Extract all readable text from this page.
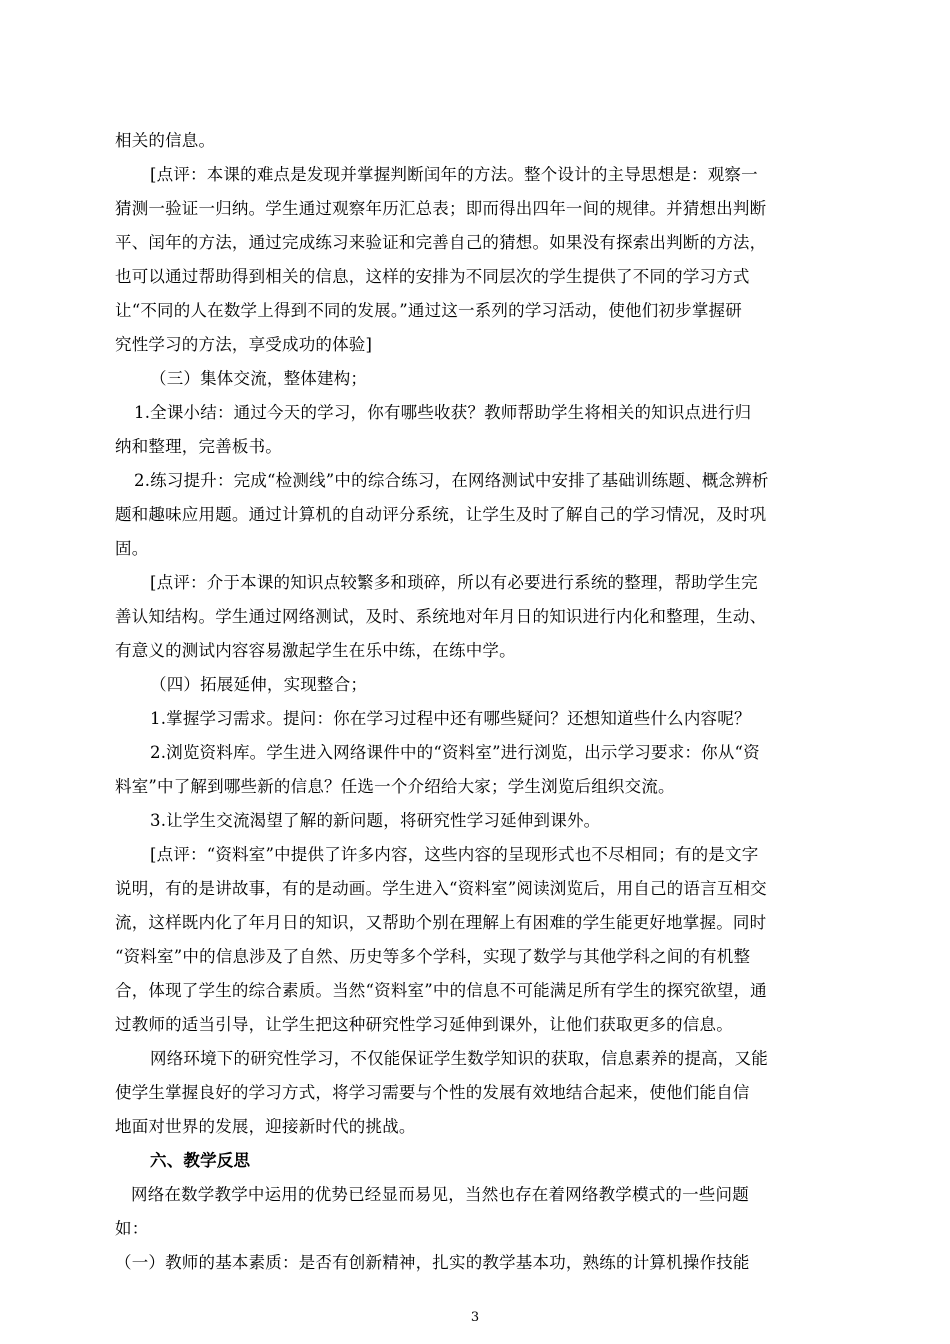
相关的信息。
[点评：本课的难点是发现并掌握判断闰年的方法。整个设计的主导思想是：观察一
猜测一验证一归纳。学生通过观察年历汇总表；即而得出四年一间的规律。并猜想出判断
平、闰年的方法，通过完成练习来验证和完善自己的猜想。如果没有探索出判断的方法，
也可以通过帮助得到相关的信息，这样的安排为不同层次的学生提供了不同的学习方式
让“不同的人在数学上得到不同的发展。”通过这一系列的学习活动，使他们初步掌握研
究性学习的方法，享受成功的体验]
（三）集体交流，整体建构；
1.全课小结：通过今天的学习，你有哪些收获？教师帮助学生将相关的知识点进行归
纳和整理，完善板书。
2.练习提升：完成“检测线”中的综合练习，在网络测试中安排了基础训练题、概念辨析
题和趣味应用题。通过计算机的自动评分系统，让学生及时了解自己的学习情况，及时巩
固。
[点评：介于本课的知识点较繁多和琐碎，所以有必要进行系统的整理，帮助学生完
善认知结构。学生通过网络测试，及时、系统地对年月日的知识进行内化和整理，生动、
有意义的测试内容容易激起学生在乐中练，在练中学。
（四）拓展延伸，实现整合；
1.掌握学习需求。提问：你在学习过程中还有哪些疑问？还想知道些什么内容呢？
2.浏览资料库。学生进入网络课件中的“资料室”进行浏览，出示学习要求：你从“资
料室”中了解到哪些新的信息？任选一个介绍给大家；学生浏览后组织交流。
3.让学生交流渴望了解的新问题，将研究性学习延伸到课外。
[点评：“资料室”中提供了许多内容，这些内容的呈现形式也不尽相同；有的是文字
说明，有的是讲故事，有的是动画。学生进入“资料室”阅读浏览后，用自己的语言互相交
流，这样既内化了年月日的知识，又帮助个别在理解上有困难的学生能更好地掌握。同时
“资料室”中的信息涉及了自然、历史等多个学科，实现了数学与其他学科之间的有机整
合，体现了学生的综合素质。当然“资料室”中的信息不可能满足所有学生的探究欲望，通
过教师的适当引导，让学生把这种研究性学习延伸到课外，让他们获取更多的信息。
网络环境下的研究性学习，不仅能保证学生数学知识的获取，信息素养的提高，又能
使学生掌握良好的学习方式，将学习需要与个性的发展有效地结合起来，使他们能自信
地面对世界的发展，迎接新时代的挑战。
六、教学反思
网络在数学教学中运用的优势已经显而易见，当然也存在着网络教学模式的一些问题
如：
（一）教师的基本素质：是否有创新精神，扎实的教学基本功，熟练的计算机操作技能
3
